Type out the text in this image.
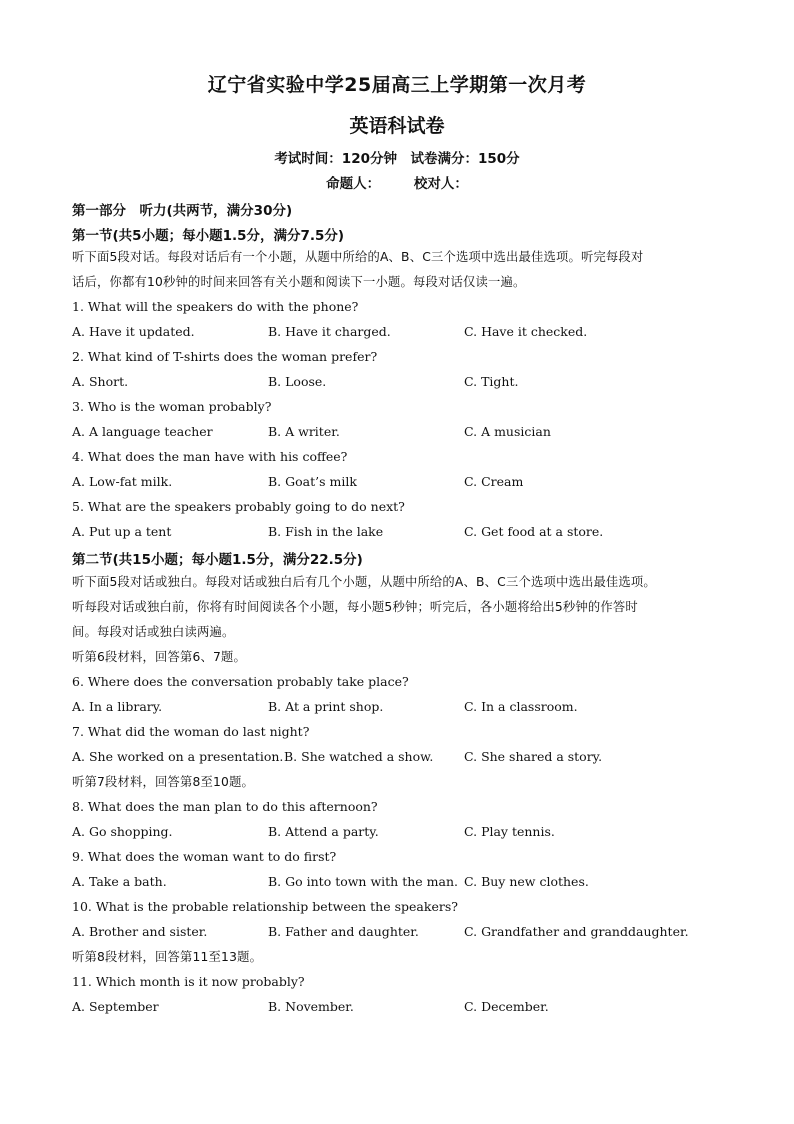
辽宁省实验中学25届高三上学期第一次月考
英语科试卷
考试时间：120分钟　试卷满分：150分
命题人：　　　校对人：
第一部分　听力(共两节，满分30分)
第一节(共5小题；每小题1.5分，满分7.5分)
听下面5段对话。每段对话后有一个小题，从题中所给的A、B、C三个选项中选出最佳选项。听完每段对
话后，你都有10秒钟的时间来回答有关小题和阅读下一小题。每段对话仅读一遍。
1. What will the speakers do with the phone?
A. Have it updated.	B. Have it charged.	C. Have it checked.
2. What kind of T-shirts does the woman prefer?
A. Short.	B. Loose.	C. Tight.
3. Who is the woman probably?
A. A language teacher	B. A writer.	C. A musician
4. What does the man have with his coffee?
A. Low-fat milk.	B. Goat’s milk	C. Cream
5. What are the speakers probably going to do next?
A. Put up a tent	B. Fish in the lake	C. Get food at a store.
第二节(共15小题；每小题1.5分，满分22.5分)
听下面5段对话或独白。每段对话或独白后有几个小题，从题中所给的A、B、C三个选项中选出最佳选项。
听每段对话或独白前，你将有时间阅读各个小题，每小题5秒钟；听完后，各小题将给出5秒钟的作答时
间。每段对话或独白读两遍。
听第6段材料，回答第6、7题。
6. Where does the conversation probably take place?
A. In a library.	B. At a print shop.	C. In a classroom.
7. What did the woman do last night?
A. She worked on a presentation. B. She watched a show. C. She shared a story.
听第7段材料，回答第8至10题。
8. What does the man plan to do this afternoon?
A. Go shopping.	B. Attend a party.	C. Play tennis.
9. What does the woman want to do first?
A. Take a bath.	B. Go into town with the man. C. Buy new clothes.
10. What is the probable relationship between the speakers?
A. Brother and sister.	B. Father and daughter.	C. Grandfather and granddaughter.
听第8段材料，回答第11至13题。
11. Which month is it now probably?
A. September	B. November.	C. December.
